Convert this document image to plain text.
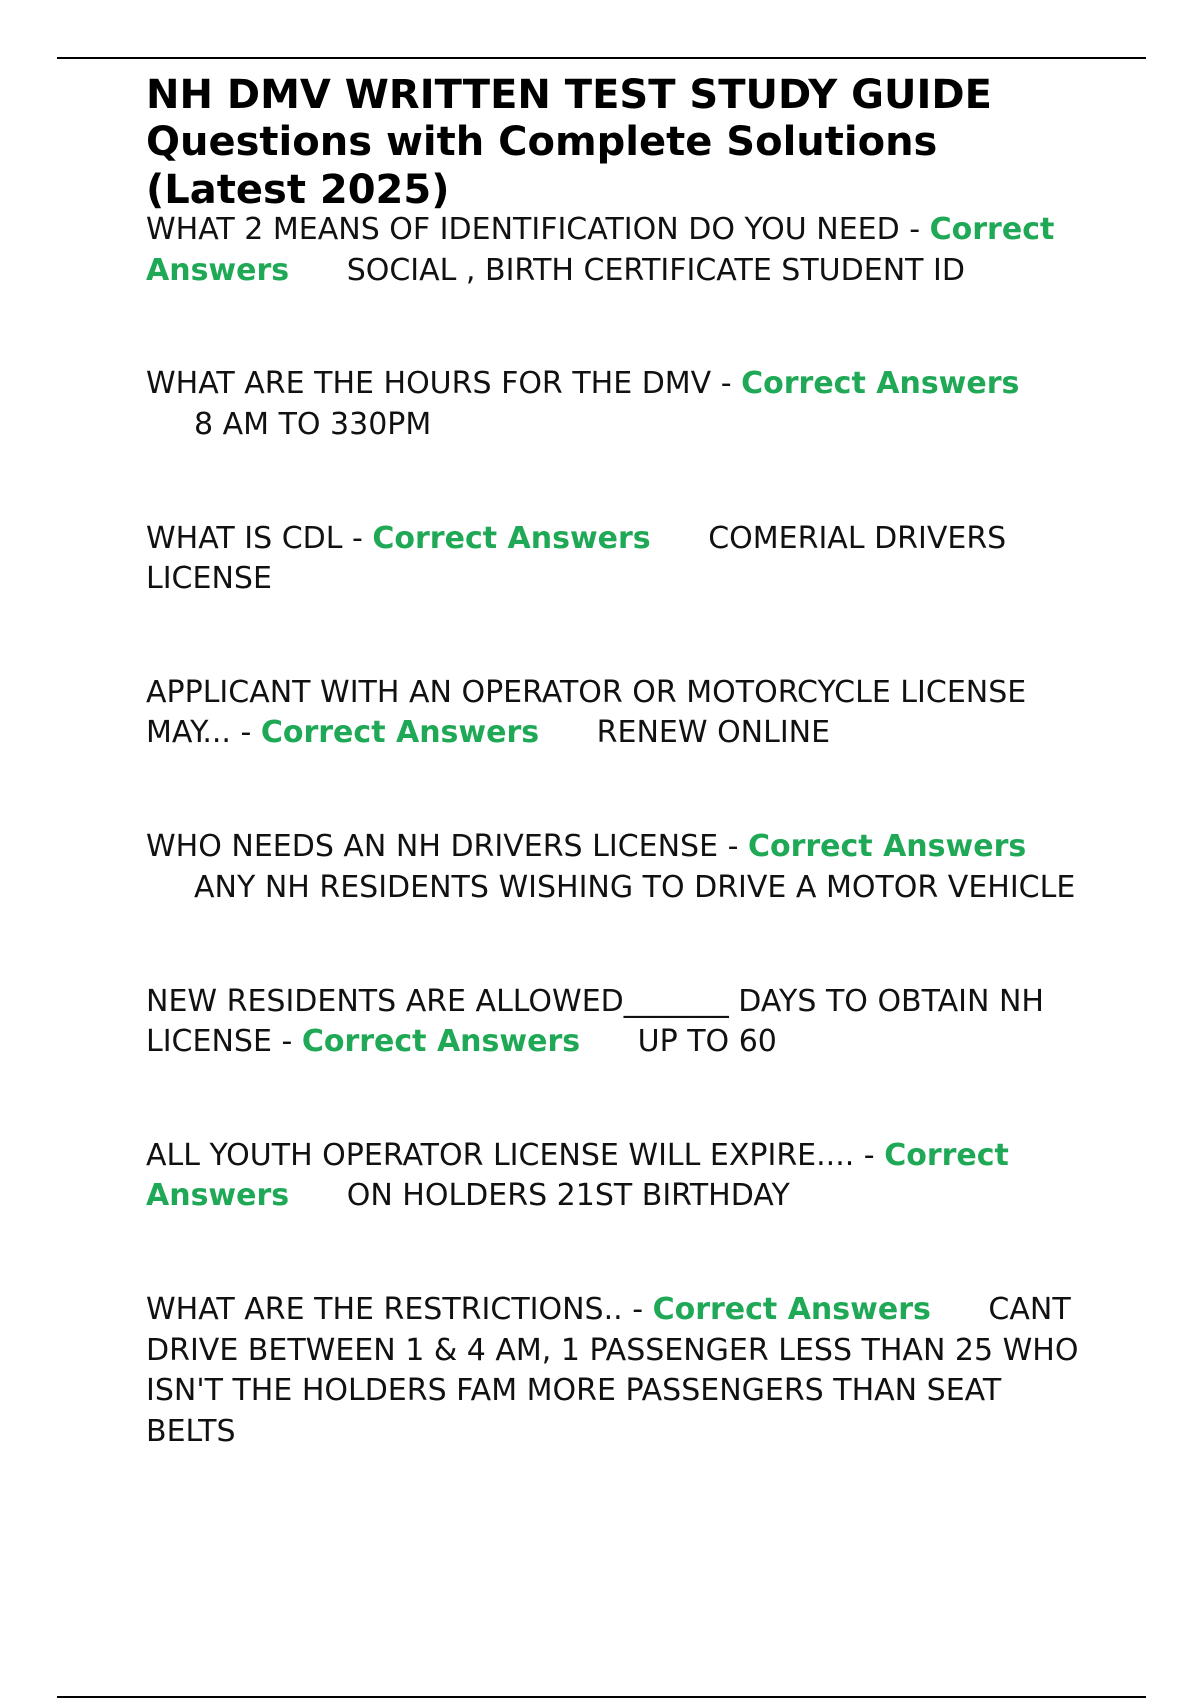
NH DMV WRITTEN TEST STUDY GUIDE Questions with Complete Solutions (Latest 2025)
WHAT 2 MEANS OF IDENTIFICATION DO YOU NEED - Correct Answers SOCIAL , BIRTH CERTIFICATE STUDENT ID
WHAT ARE THE HOURS FOR THE DMV - Correct Answers 8 AM TO 330PM
WHAT IS CDL - Correct Answers COMERIAL DRIVERS LICENSE
APPLICANT WITH AN OPERATOR OR MOTORCYCLE LICENSE MAY... - Correct Answers RENEW ONLINE
WHO NEEDS AN NH DRIVERS LICENSE - Correct Answers ANY NH RESIDENTS WISHING TO DRIVE A MOTOR VEHICLE
NEW RESIDENTS ARE ALLOWED_______ DAYS TO OBTAIN NH LICENSE - Correct Answers UP TO 60
ALL YOUTH OPERATOR LICENSE WILL EXPIRE.... - Correct Answers ON HOLDERS 21ST BIRTHDAY
WHAT ARE THE RESTRICTIONS.. - Correct Answers CANT DRIVE BETWEEN 1 & 4 AM, 1 PASSENGER LESS THAN 25 WHO ISN'T THE HOLDERS FAM MORE PASSENGERS THAN SEAT BELTS
